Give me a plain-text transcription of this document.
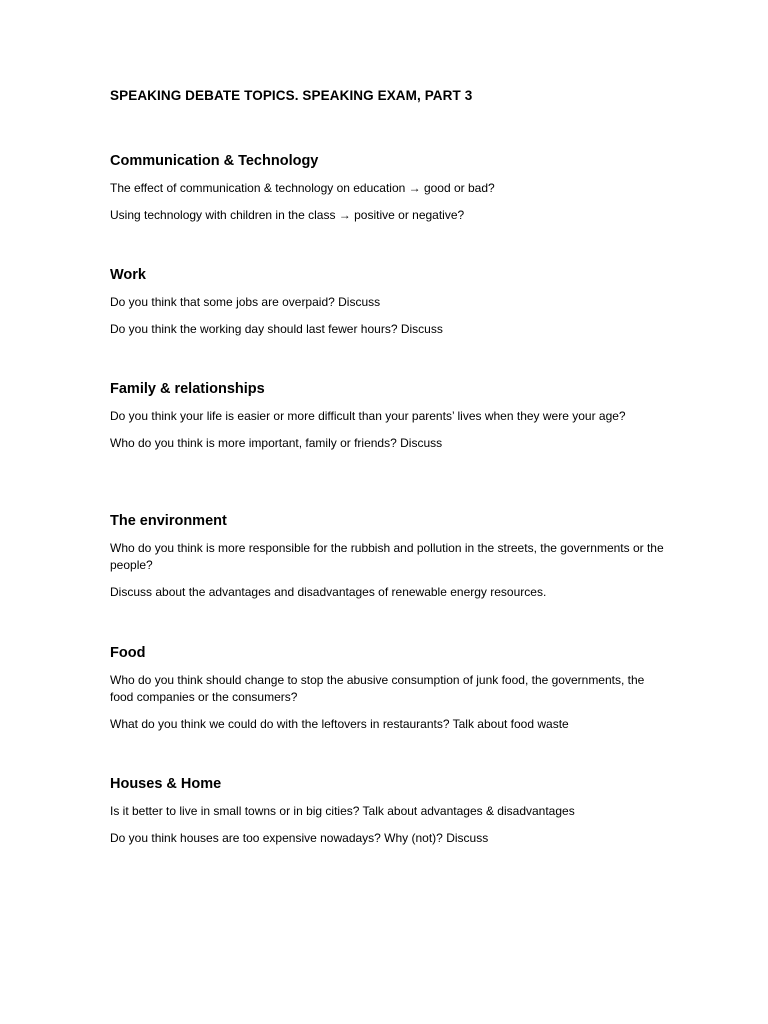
SPEAKING DEBATE TOPICS. SPEAKING EXAM, PART 3
Communication & Technology
The effect of communication & technology on education → good or bad?
Using technology with children in the class → positive or negative?
Work
Do you think that some jobs are overpaid? Discuss
Do you think the working day should last fewer hours? Discuss
Family & relationships
Do you think your life is easier or more difficult than your parents’ lives when they were your age?
Who do you think is more important, family or friends? Discuss
The environment
Who do you think is more responsible for the rubbish and pollution in the streets, the governments or the people?
Discuss about the advantages and disadvantages of renewable energy resources.
Food
Who do you think should change to stop the abusive consumption of junk food, the governments, the food companies or the consumers?
What do you think we could do with the leftovers in restaurants? Talk about food waste
Houses & Home
Is it better to live in small towns or in big cities? Talk about advantages & disadvantages
Do you think houses are too expensive nowadays? Why (not)? Discuss
